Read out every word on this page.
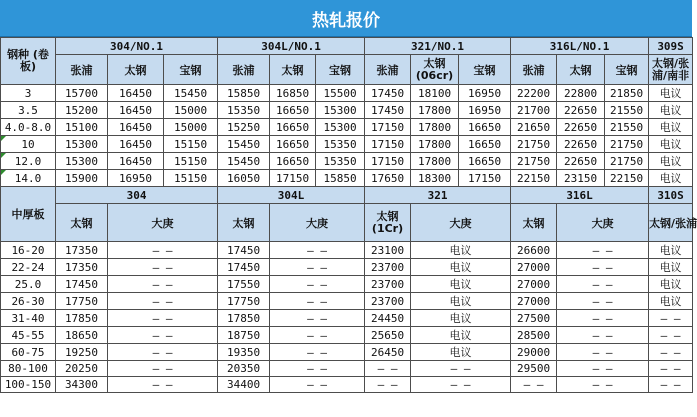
热轧报价
钢种 (卷板)	304/NO.1			304L/NO.1			321/NO.1			316L/NO.1			309S
	张浦	太钢	宝钢	张浦	太钢	宝钢	张浦	太钢 (06cr)	宝钢	张浦	太钢	宝钢	太钢/张浦/南非
3	15700	16450	15450	15850	16850	15500	17450	18100	16950	22200	22800	21850	电议
3.5	15200	16450	15000	15350	16650	15300	17450	17800	16950	21700	22650	21550	电议
4.0-8.0	15100	16450	15000	15250	16650	15300	17150	17800	16650	21650	22650	21550	电议
10	15300	16450	15150	15450	16650	15350	17150	17800	16650	21750	22650	21750	电议
12.0	15300	16450	15150	15450	16650	15350	17150	17800	16650	21750	22650	21750	电议
14.0	15900	16950	15150	16050	17150	15850	17650	18300	17150	22150	23150	22150	电议
中厚板	304			304L			321			316L			310S
	太钢	大庚		太钢	大庚		太钢 (1Cr)	大庚		太钢	大庚		太钢/张浦
16-20	17350	— —		17450	— —		23100	电议		26600	— —		电议
22-24	17350	— —		17450	— —		23700	电议		27000	— —		电议
25.0	17450	— —		17550	— —		23700	电议		27000	— —		电议
26-30	17750	— —		17750	— —		23700	电议		27000	— —		电议
31-40	17850	— —		17850	— —		24450	电议		27500	— —		— —
45-55	18650	— —		18750	— —		25650	电议		28500	— —		— —
60-75	19250	— —		19350	— —		26450	电议		29000	— —		— —
80-100	20250	— —		20350	— —		— —	— —		29500	— —		— —
100-150	34300	— —		34400	— —		— —	— —		— —	— —		— —
